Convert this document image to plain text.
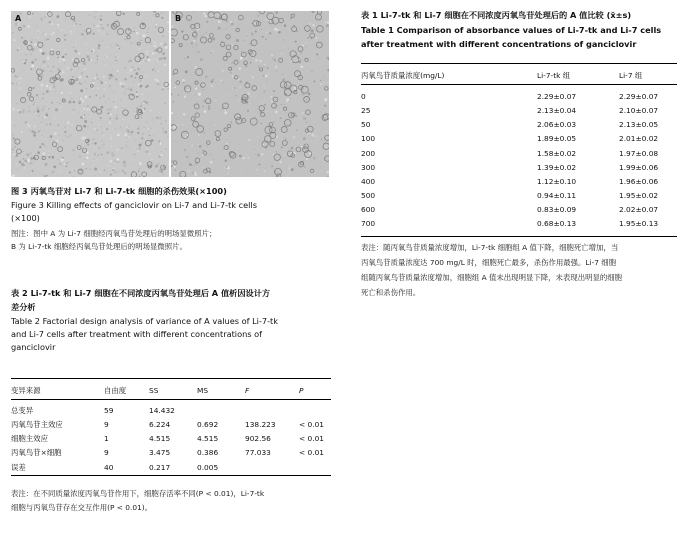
A	B
图 3 丙氧鸟苷对 Li-7 和 Li-7-tk 细胞的杀伤效果(×100)
Figure 3 Killing effects of ganciclovir on Li-7 and Li-7-tk cells
(×100)
图注：图中 A 为 Li-7 细胞经丙氧鸟苷处理后的明场显微照片；
B 为 Li-7-tk 细胞经丙氧鸟苷处理后的明场显微照片。
表 2 Li-7-tk 和 Li-7 细胞在不同浓度丙氧鸟苷处理后 A 值析因设计方
差分析
Table 2 Factorial design analysis of variance of A values of Li-7-tk
and Li-7 cells after treatment with different concentrations of
ganciclovir
变异来源	自由度	SS	MS	F	P

总变异	59	14.432			
丙氧鸟苷主效应	9	6.224	0.692	138.223	< 0.01
细胞主效应	1	4.515	4.515	902.56	< 0.01
丙氧鸟苷×细胞	9	3.475	0.386	77.033	< 0.01
误差	40	0.217	0.005		
表注：在不同质量浓度丙氧鸟苷作用下，细胞存活率不同(P < 0.01)，Li-7-tk
细胞与丙氧鸟苷存在交互作用(P < 0.01)。
表 1 Li-7-tk 和 Li-7 细胞在不同浓度丙氧鸟苷处理后的 A 值比较 (x̄±s)
Table 1 Comparison of absorbance values of Li-7-tk and Li-7 cells
after treatment with different concentrations of ganciclovir
丙氧鸟苷质量浓度(mg/L)	Li-7-tk 组	Li-7 组

0	2.29±0.07	2.29±0.07
25	2.13±0.04	2.10±0.07
50	2.06±0.03	2.13±0.05
100	1.89±0.05	2.01±0.02
200	1.58±0.02	1.97±0.08
300	1.39±0.02	1.99±0.06
400	1.12±0.10	1.96±0.06
500	0.94±0.11	1.95±0.02
600	0.83±0.09	2.02±0.07
700	0.68±0.13	1.95±0.13
表注：随丙氧鸟苷质量浓度增加，Li-7-tk 细胞组 A 值下降，细胞死亡增加，当
丙氧鸟苷质量浓度达 700 mg/L 时，细胞死亡最多，杀伤作用最强。Li-7 细胞
组随丙氧鸟苷质量浓度增加，细胞组 A 值未出现明显下降，未表现出明显的细胞
死亡和杀伤作用。
